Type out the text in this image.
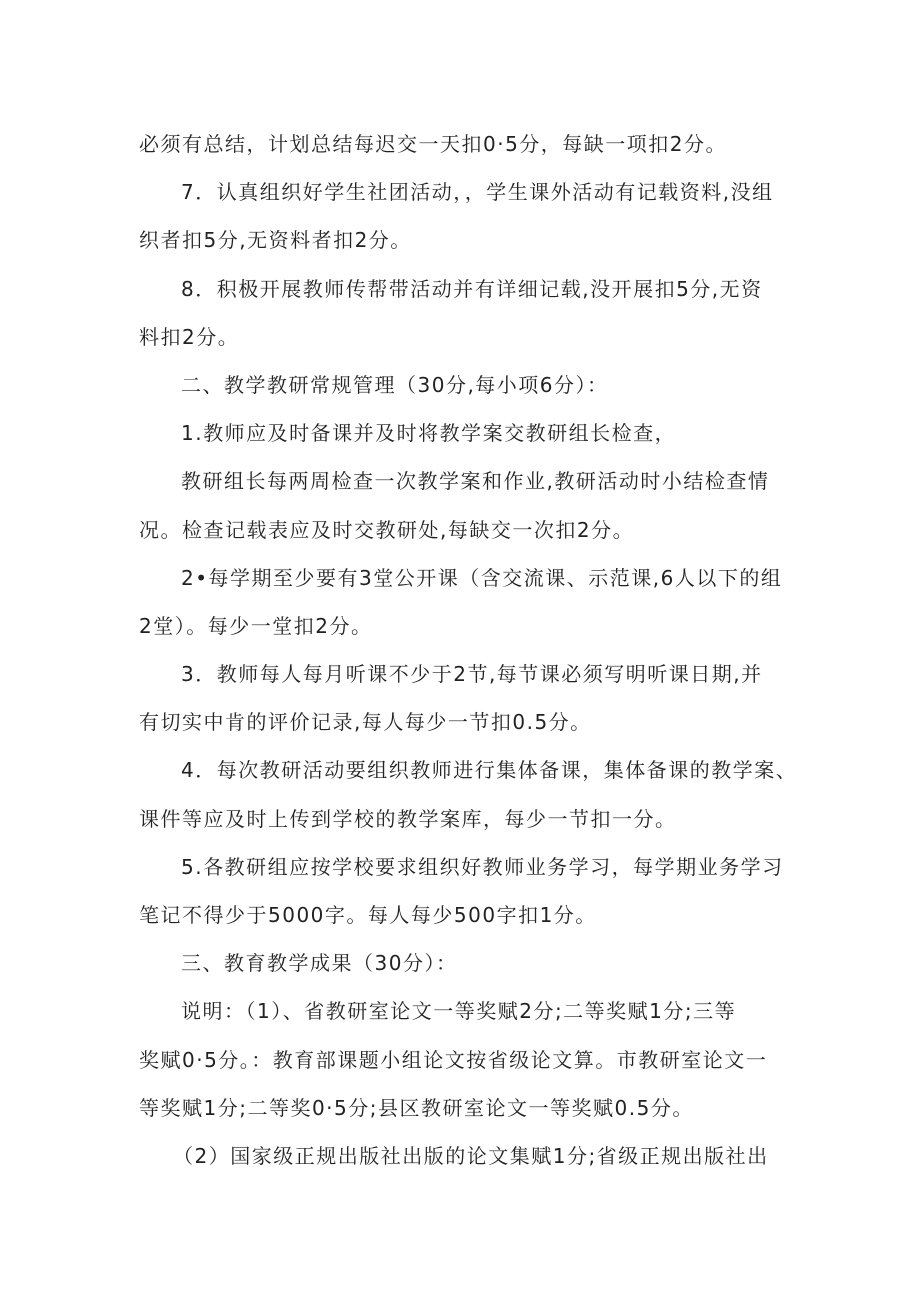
必须有总结，计划总结每迟交一天扣0·5分，每缺一项扣2分。

7．认真组织好学生社团活动，，学生课外活动有记载资料,没组

织者扣5分,无资料者扣2分。

8．积极开展教师传帮带活动并有详细记载,没开展扣5分,无资

料扣2分。

二、教学教研常规管理（30分,每小项6分）：

1.教师应及时备课并及时将教学案交教研组长检查，

教研组长每两周检查一次教学案和作业,教研活动时小结检查情

况。检查记载表应及时交教研处,每缺交一次扣2分。

2•每学期至少要有3堂公开课（含交流课、示范课,6人以下的组

2堂）。每少一堂扣2分。

3．教师每人每月听课不少于2节,每节课必须写明听课日期,并

有切实中肯的评价记录,每人每少一节扣0.5分。

4．每次教研活动要组织教师进行集体备课，集体备课的教学案、

课件等应及时上传到学校的教学案库，每少一节扣一分。

5.各教研组应按学校要求组织好教师业务学习，每学期业务学习

笔记不得少于5000字。每人每少500字扣1分。

三、教育教学成果（30分）：

说明：（1）、省教研室论文一等奖赋2分;二等奖赋1分;三等

奖赋0·5分。：教育部课题小组论文按省级论文算。市教研室论文一

等奖赋1分;二等奖0·5分;县区教研室论文一等奖赋0.5分。

（2）国家级正规出版社出版的论文集赋1分;省级正规出版社出
